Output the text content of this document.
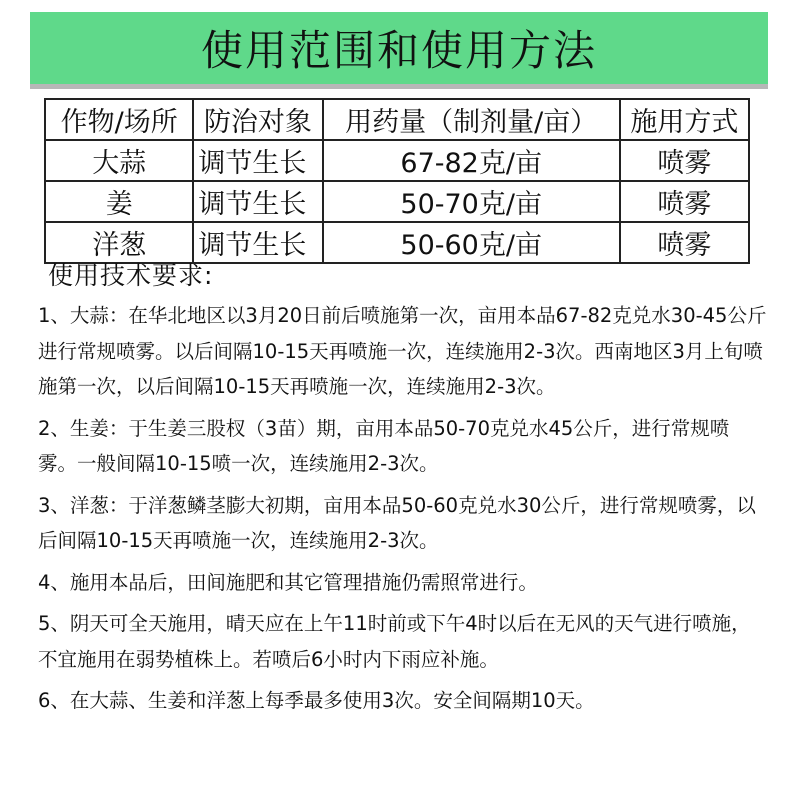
使用范围和使用方法
作物/场所	防治对象	用药量（制剂量/亩）	施用方式
大蒜	调节生长	67-82克/亩	喷雾
姜	调节生长	50-70克/亩	喷雾
洋葱	调节生长	50-60克/亩	喷雾
使用技术要求:
1、大蒜：在华北地区以3月20日前后喷施第一次，亩用本品67-82克兑水30-45公斤进行常规喷雾。以后间隔10-15天再喷施一次，连续施用2-3次。西南地区3月上旬喷施第一次，以后间隔10-15天再喷施一次，连续施用2-3次。
2、生姜：于生姜三股杈（3苗）期，亩用本品50-70克兑水45公斤，进行常规喷雾。一般间隔10-15喷一次，连续施用2-3次。
3、洋葱：于洋葱鳞茎膨大初期，亩用本品50-60克兑水30公斤，进行常规喷雾，以后间隔10-15天再喷施一次，连续施用2-3次。
4、施用本品后，田间施肥和其它管理措施仍需照常进行。
5、阴天可全天施用，晴天应在上午11时前或下午4时以后在无风的天气进行喷施，不宜施用在弱势植株上。若喷后6小时内下雨应补施。
6、在大蒜、生姜和洋葱上每季最多使用3次。安全间隔期10天。
